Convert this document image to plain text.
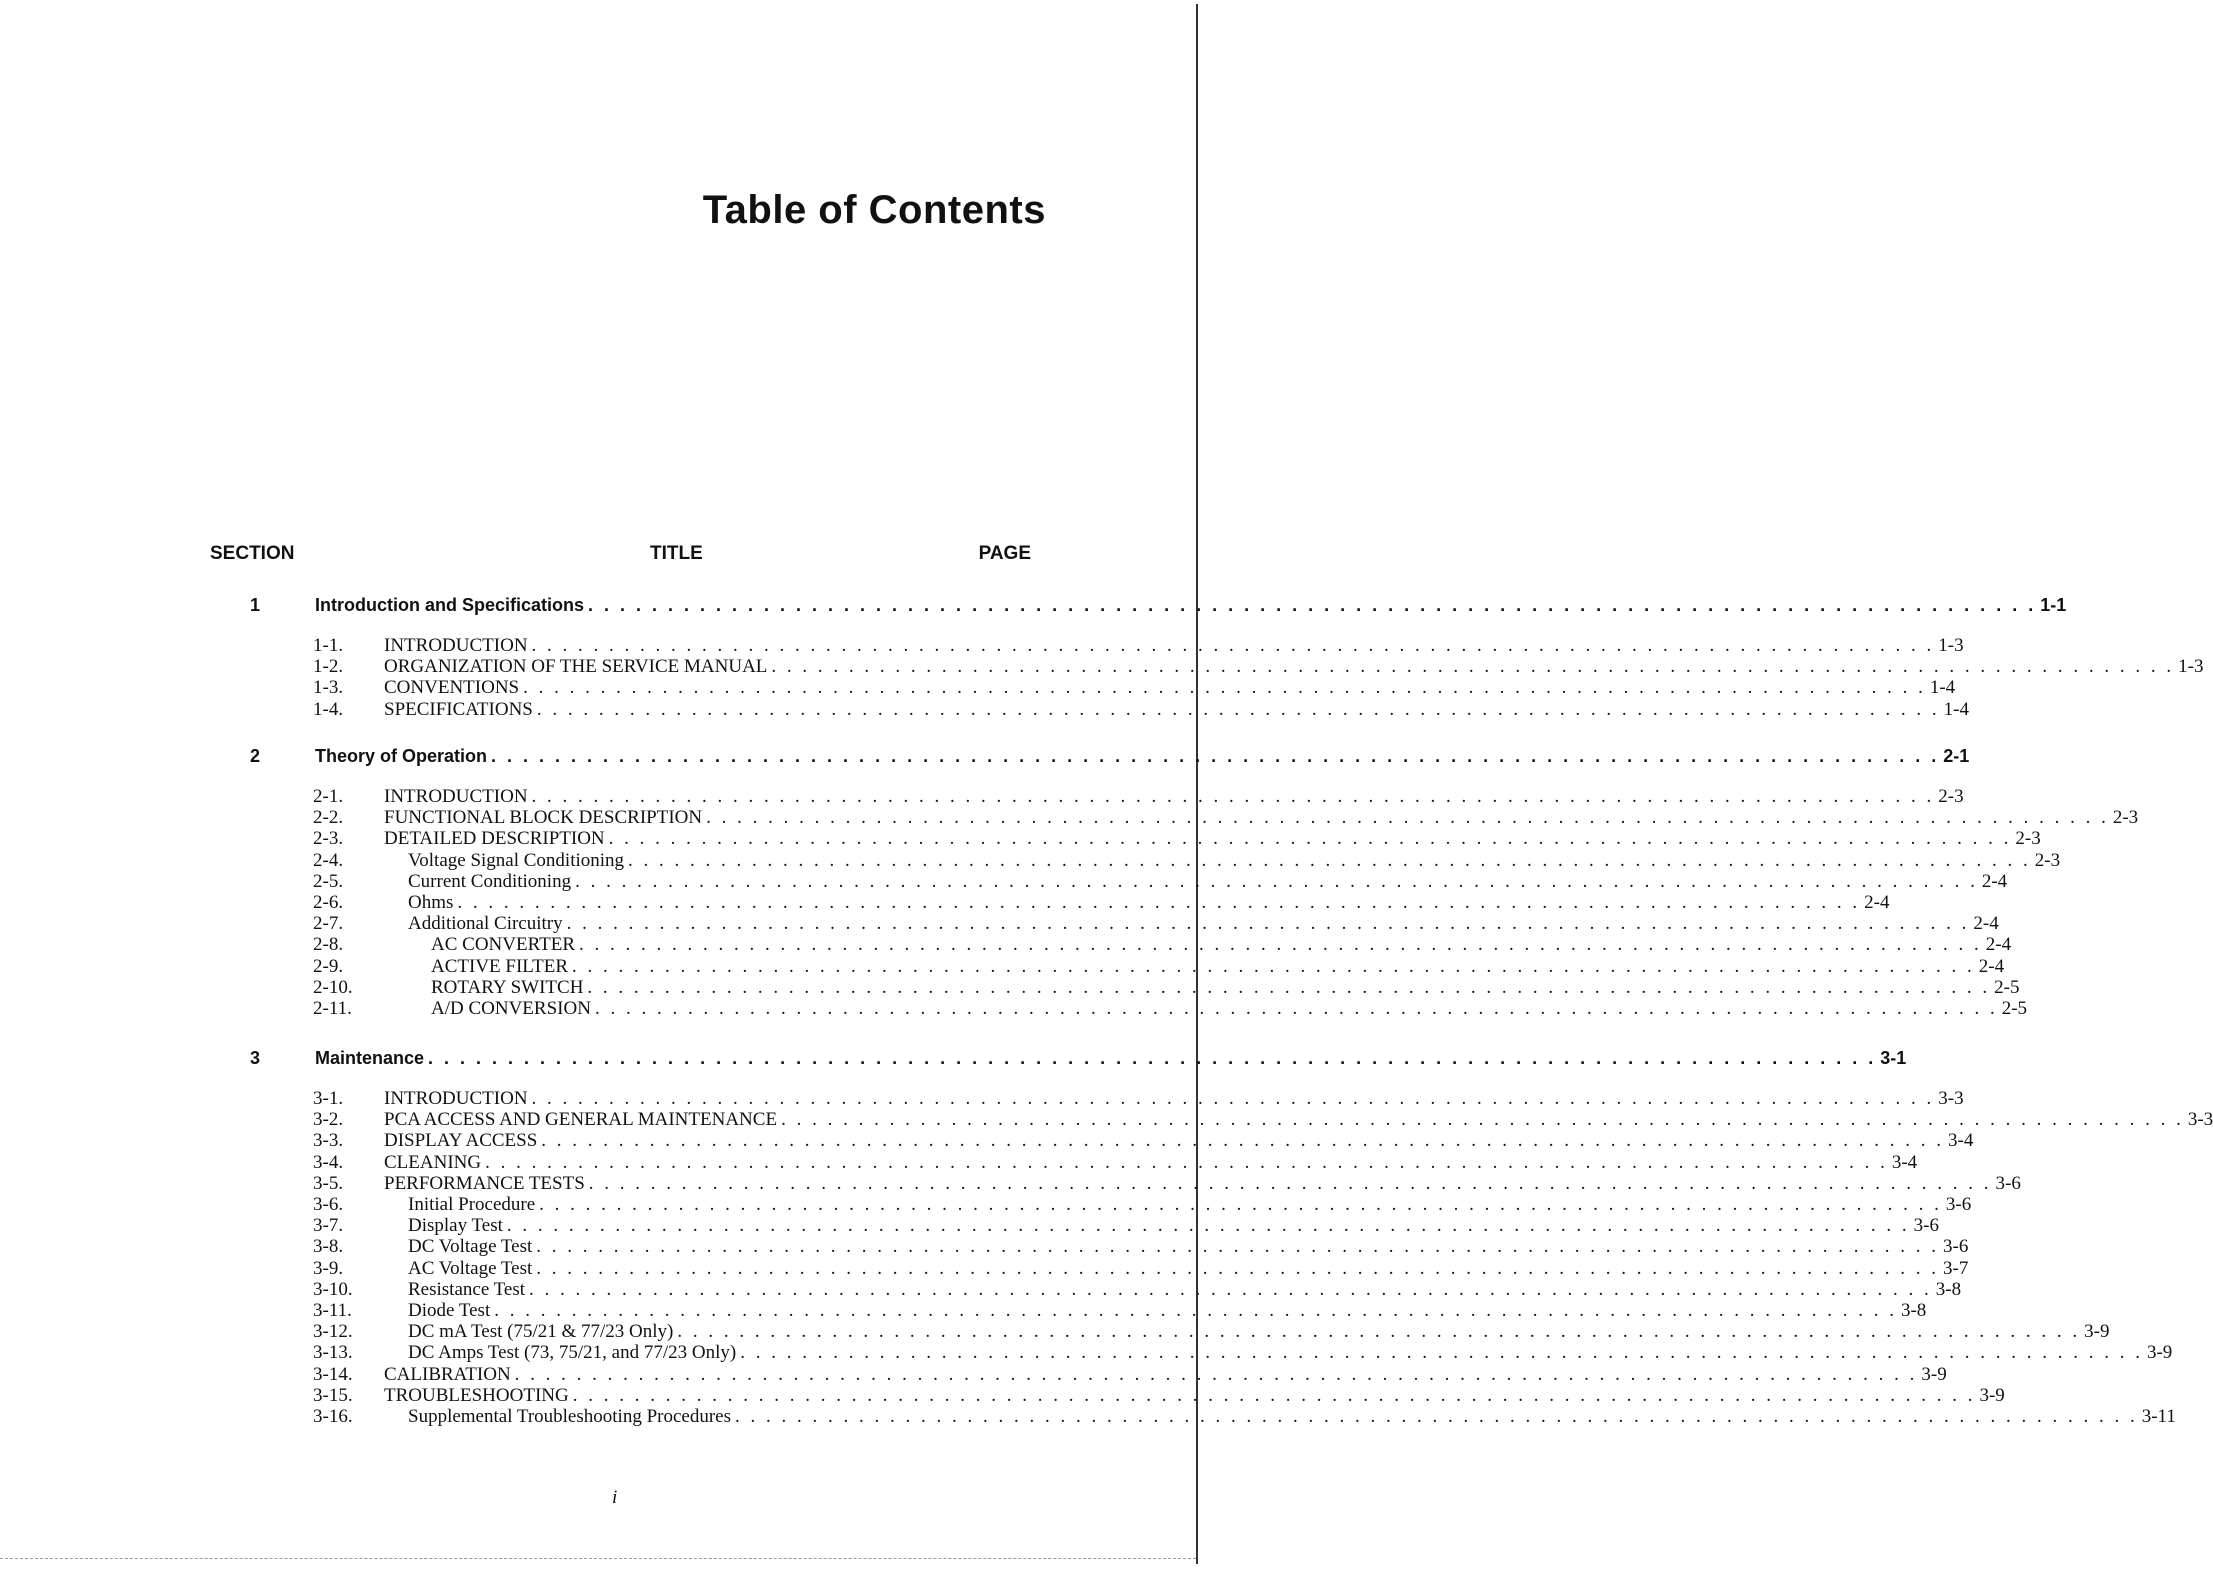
Table of Contents
SECTION	TITLE	PAGE
1	Introduction and Specifications . . . . . . . . . . . . . . . . . . . . . . . . . . . . . . . . . . . . . . . . . . . . . . . . . . . . . . . . . . . . . . . . . . . . . . . . . . . . . . . . . . . . . . . . . . . 1-1
1-1. INTRODUCTION . . . . . . . . . . . . . . . . . . . . . . . . . . . . . . . . . . . . . . . . . . . . . . . . . . . . . . . . . . . . . . . . . . . . . . . . . . . . . . . . . . . . . . . . . . . 1-3
1-2. ORGANIZATION OF THE SERVICE MANUAL . . . . . . . . . . . . . . . . . . . . . . . . . . . . . . . . . . . . . . . . . . . . . . . . . . . . . . . . . . . . . . . . . . . . . . . . . . . . . . . . . . . . . . . . . . . 1-3
1-3. CONVENTIONS . . . . . . . . . . . . . . . . . . . . . . . . . . . . . . . . . . . . . . . . . . . . . . . . . . . . . . . . . . . . . . . . . . . . . . . . . . . . . . . . . . . . . . . . . . . 1-4
1-4. SPECIFICATIONS . . . . . . . . . . . . . . . . . . . . . . . . . . . . . . . . . . . . . . . . . . . . . . . . . . . . . . . . . . . . . . . . . . . . . . . . . . . . . . . . . . . . . . . . . . . 1-4
2	Theory of Operation . . . . . . . . . . . . . . . . . . . . . . . . . . . . . . . . . . . . . . . . . . . . . . . . . . . . . . . . . . . . . . . . . . . . . . . . . . . . . . . . . . . . . . . . . . . 2-1
2-1. INTRODUCTION . . . . . . . . . . . . . . . . . . . . . . . . . . . . . . . . . . . . . . . . . . . . . . . . . . . . . . . . . . . . . . . . . . . . . . . . . . . . . . . . . . . . . . . . . . . 2-3
2-2. FUNCTIONAL BLOCK DESCRIPTION . . . . . . . . . . . . . . . . . . . . . . . . . . . . . . . . . . . . . . . . . . . . . . . . . . . . . . . . . . . . . . . . . . . . . . . . . . . . . . . . . . . . . . . . . . . 2-3
2-3. DETAILED DESCRIPTION . . . . . . . . . . . . . . . . . . . . . . . . . . . . . . . . . . . . . . . . . . . . . . . . . . . . . . . . . . . . . . . . . . . . . . . . . . . . . . . . . . . . . . . . . . . 2-3
2-4.	Voltage Signal Conditioning . . . . . . . . . . . . . . . . . . . . . . . . . . . . . . . . . . . . . . . . . . . . . . . . . . . . . . . . . . . . . . . . . . . . . . . . . . . . . . . . . . . . . . . . . . . 2-3
2-5.	Current Conditioning . . . . . . . . . . . . . . . . . . . . . . . . . . . . . . . . . . . . . . . . . . . . . . . . . . . . . . . . . . . . . . . . . . . . . . . . . . . . . . . . . . . . . . . . . . . 2-4
2-6.	Ohms . . . . . . . . . . . . . . . . . . . . . . . . . . . . . . . . . . . . . . . . . . . . . . . . . . . . . . . . . . . . . . . . . . . . . . . . . . . . . . . . . . . . . . . . . . . 2-4
2-7.	Additional Circuitry . . . . . . . . . . . . . . . . . . . . . . . . . . . . . . . . . . . . . . . . . . . . . . . . . . . . . . . . . . . . . . . . . . . . . . . . . . . . . . . . . . . . . . . . . . . 2-4
2-8.	AC CONVERTER . . . . . . . . . . . . . . . . . . . . . . . . . . . . . . . . . . . . . . . . . . . . . . . . . . . . . . . . . . . . . . . . . . . . . . . . . . . . . . . . . . . . . . . . . . . 2-4
2-9.	ACTIVE FILTER . . . . . . . . . . . . . . . . . . . . . . . . . . . . . . . . . . . . . . . . . . . . . . . . . . . . . . . . . . . . . . . . . . . . . . . . . . . . . . . . . . . . . . . . . . . 2-4
2-10.	ROTARY SWITCH . . . . . . . . . . . . . . . . . . . . . . . . . . . . . . . . . . . . . . . . . . . . . . . . . . . . . . . . . . . . . . . . . . . . . . . . . . . . . . . . . . . . . . . . . . . 2-5
2-11.	A/D CONVERSION . . . . . . . . . . . . . . . . . . . . . . . . . . . . . . . . . . . . . . . . . . . . . . . . . . . . . . . . . . . . . . . . . . . . . . . . . . . . . . . . . . . . . . . . . . . 2-5
3	Maintenance . . . . . . . . . . . . . . . . . . . . . . . . . . . . . . . . . . . . . . . . . . . . . . . . . . . . . . . . . . . . . . . . . . . . . . . . . . . . . . . . . . . . . . . . . . . 3-1
3-1. INTRODUCTION . . . . . . . . . . . . . . . . . . . . . . . . . . . . . . . . . . . . . . . . . . . . . . . . . . . . . . . . . . . . . . . . . . . . . . . . . . . . . . . . . . . . . . . . . . . 3-3
3-2. PCA ACCESS AND GENERAL MAINTENANCE . . . . . . . . . . . . . . . . . . . . . . . . . . . . . . . . . . . . . . . . . . . . . . . . . . . . . . . . . . . . . . . . . . . . . . . . . . . . . . . . . . . . . . . . . . . 3-3
3-3. DISPLAY ACCESS . . . . . . . . . . . . . . . . . . . . . . . . . . . . . . . . . . . . . . . . . . . . . . . . . . . . . . . . . . . . . . . . . . . . . . . . . . . . . . . . . . . . . . . . . . . 3-4
3-4. CLEANING . . . . . . . . . . . . . . . . . . . . . . . . . . . . . . . . . . . . . . . . . . . . . . . . . . . . . . . . . . . . . . . . . . . . . . . . . . . . . . . . . . . . . . . . . . . 3-4
3-5. PERFORMANCE TESTS . . . . . . . . . . . . . . . . . . . . . . . . . . . . . . . . . . . . . . . . . . . . . . . . . . . . . . . . . . . . . . . . . . . . . . . . . . . . . . . . . . . . . . . . . . . 3-6
3-6.	Initial Procedure . . . . . . . . . . . . . . . . . . . . . . . . . . . . . . . . . . . . . . . . . . . . . . . . . . . . . . . . . . . . . . . . . . . . . . . . . . . . . . . . . . . . . . . . . . . 3-6
3-7.	Display Test . . . . . . . . . . . . . . . . . . . . . . . . . . . . . . . . . . . . . . . . . . . . . . . . . . . . . . . . . . . . . . . . . . . . . . . . . . . . . . . . . . . . . . . . . . . 3-6
3-8.	DC Voltage Test . . . . . . . . . . . . . . . . . . . . . . . . . . . . . . . . . . . . . . . . . . . . . . . . . . . . . . . . . . . . . . . . . . . . . . . . . . . . . . . . . . . . . . . . . . . 3-6
3-9.	AC Voltage Test . . . . . . . . . . . . . . . . . . . . . . . . . . . . . . . . . . . . . . . . . . . . . . . . . . . . . . . . . . . . . . . . . . . . . . . . . . . . . . . . . . . . . . . . . . . 3-7
3-10.	Resistance Test . . . . . . . . . . . . . . . . . . . . . . . . . . . . . . . . . . . . . . . . . . . . . . . . . . . . . . . . . . . . . . . . . . . . . . . . . . . . . . . . . . . . . . . . . . . 3-8
3-11.	Diode Test . . . . . . . . . . . . . . . . . . . . . . . . . . . . . . . . . . . . . . . . . . . . . . . . . . . . . . . . . . . . . . . . . . . . . . . . . . . . . . . . . . . . . . . . . . . 3-8
3-12.	DC mA Test (75/21 & 77/23 Only) . . . . . . . . . . . . . . . . . . . . . . . . . . . . . . . . . . . . . . . . . . . . . . . . . . . . . . . . . . . . . . . . . . . . . . . . . . . . . . . . . . . . . . . . . . . 3-9
3-13.	DC Amps Test (73, 75/21, and 77/23 Only) . . . . . . . . . . . . . . . . . . . . . . . . . . . . . . . . . . . . . . . . . . . . . . . . . . . . . . . . . . . . . . . . . . . . . . . . . . . . . . . . . . . . . . . . . . . 3-9
3-14. CALIBRATION . . . . . . . . . . . . . . . . . . . . . . . . . . . . . . . . . . . . . . . . . . . . . . . . . . . . . . . . . . . . . . . . . . . . . . . . . . . . . . . . . . . . . . . . . . . 3-9
3-15. TROUBLESHOOTING . . . . . . . . . . . . . . . . . . . . . . . . . . . . . . . . . . . . . . . . . . . . . . . . . . . . . . . . . . . . . . . . . . . . . . . . . . . . . . . . . . . . . . . . . . . 3-9
3-16.	Supplemental Troubleshooting Procedures . . . . . . . . . . . . . . . . . . . . . . . . . . . . . . . . . . . . . . . . . . . . . . . . . . . . . . . . . . . . . . . . . . . . . . . . . . . . . . . . . . . . . . . . . . . 3-11
i
